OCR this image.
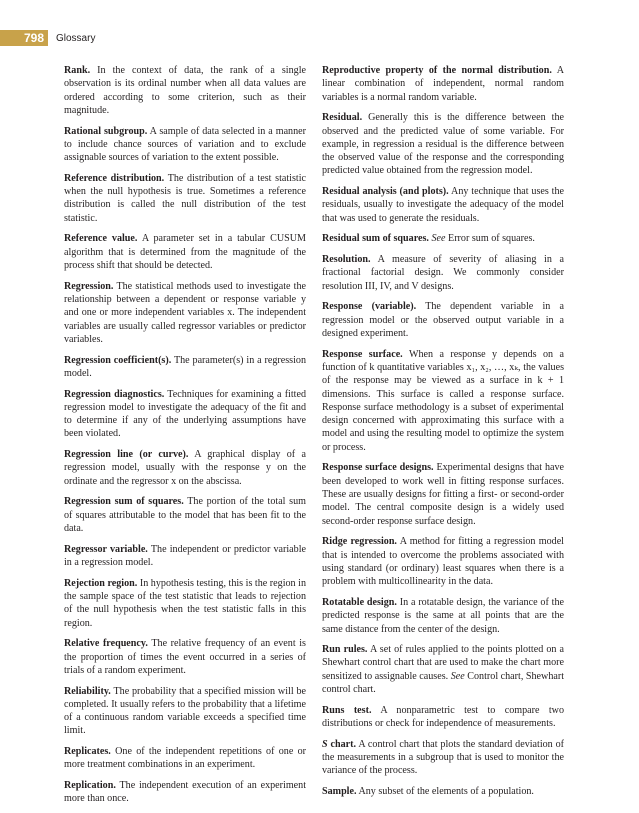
798	Glossary

Rank. In the context of data, the rank of a single observation is its ordinal number when all data values are ordered according to some criterion, such as their magnitude.

Rational subgroup. A sample of data selected in a manner to include chance sources of variation and to exclude assignable sources of variation to the extent possible.

Reference distribution. The distribution of a test statistic when the null hypothesis is true. Sometimes a reference distribution is called the null distribution of the test statistic.

Reference value. A parameter set in a tabular CUSUM algorithm that is determined from the magnitude of the process shift that should be detected.

Regression. The statistical methods used to investigate the relationship between a dependent or response variable y and one or more independent variables x. The independent variables are usually called regressor variables or predictor variables.

Regression coefficient(s). The parameter(s) in a regression model.

Regression diagnostics. Techniques for examining a fitted regression model to investigate the adequacy of the fit and to determine if any of the underlying assumptions have been violated.

Regression line (or curve). A graphical display of a regression model, usually with the response y on the ordinate and the regressor x on the abscissa.

Regression sum of squares. The portion of the total sum of squares attributable to the model that has been fit to the data.

Regressor variable. The independent or predictor variable in a regression model.

Rejection region. In hypothesis testing, this is the region in the sample space of the test statistic that leads to rejection of the null hypothesis when the test statistic falls in this region.

Relative frequency. The relative frequency of an event is the proportion of times the event occurred in a series of trials of a random experiment.

Reliability. The probability that a specified mission will be completed. It usually refers to the probability that a lifetime of a continuous random variable exceeds a specified time limit.

Replicates. One of the independent repetitions of one or more treatment combinations in an experiment.

Replication. The independent execution of an experiment more than once.

Reproductive property of the normal distribution. A linear combination of independent, normal random variables is a normal random variable.

Residual. Generally this is the difference between the observed and the predicted value of some variable. For example, in regression a residual is the difference between the observed value of the response and the corresponding predicted value obtained from the regression model.

Residual analysis (and plots). Any technique that uses the residuals, usually to investigate the adequacy of the model that was used to generate the residuals.

Residual sum of squares. See Error sum of squares.

Resolution. A measure of severity of aliasing in a fractional factorial design. We commonly consider resolution III, IV, and V designs.

Response (variable). The dependent variable in a regression model or the observed output variable in a designed experiment.

Response surface. When a response y depends on a function of k quantitative variables x₁, x₂, …, xₖ, the values of the response may be viewed as a surface in k + 1 dimensions. This surface is called a response surface. Response surface methodology is a subset of experimental design concerned with approximating this surface with a model and using the resulting model to optimize the system or process.

Response surface designs. Experimental designs that have been developed to work well in fitting response surfaces. These are usually designs for fitting a first- or second-order model. The central composite design is a widely used second-order response surface design.

Ridge regression. A method for fitting a regression model that is intended to overcome the problems associated with using standard (or ordinary) least squares when there is a problem with multicollinearity in the data.

Rotatable design. In a rotatable design, the variance of the predicted response is the same at all points that are the same distance from the center of the design.

Run rules. A set of rules applied to the points plotted on a Shewhart control chart that are used to make the chart more sensitized to assignable causes. See Control chart, Shewhart control chart.

Runs test. A nonparametric test to compare two distributions or check for independence of measurements.

S chart. A control chart that plots the standard deviation of the measurements in a subgroup that is used to monitor the variance of the process.

Sample. Any subset of the elements of a population.
